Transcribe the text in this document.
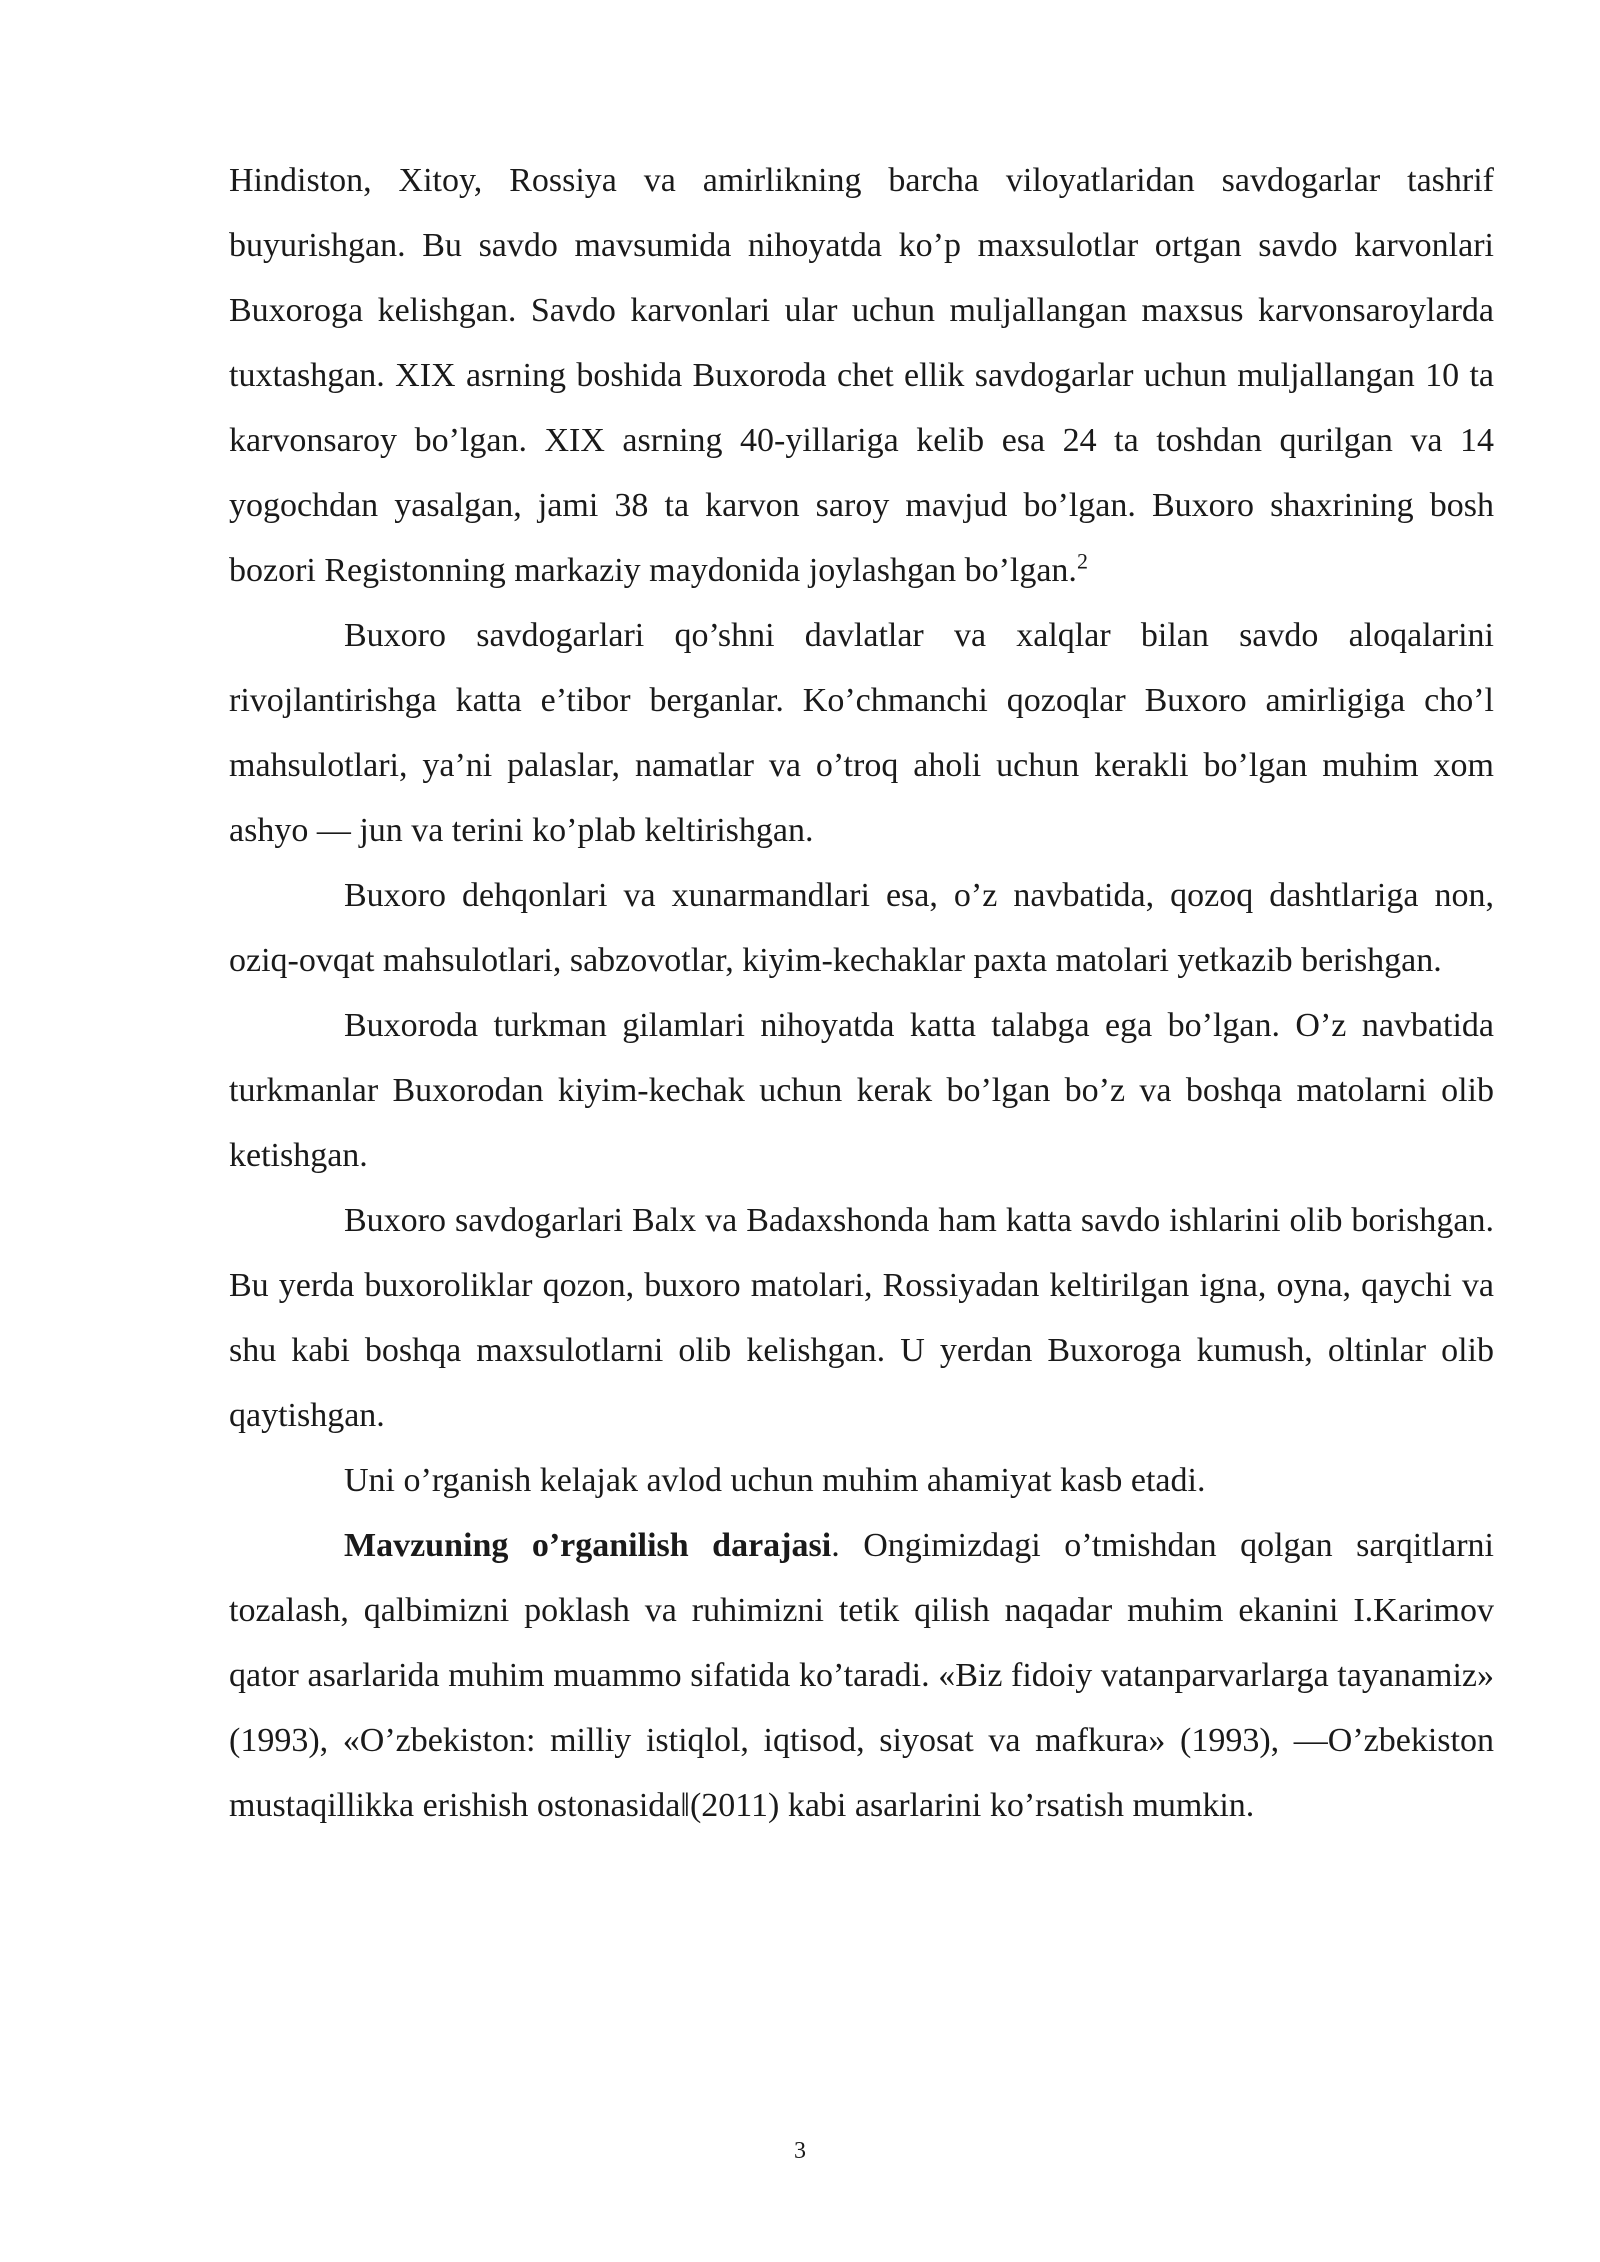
Hindiston, Xitoy, Rossiya va amirlikning barcha viloyatlaridan savdogarlar tashrif buyurishgan. Bu savdo mavsumida nihoyatda ko’p maxsulotlar ortgan savdo karvonlari Buxoroga kelishgan. Savdo karvonlari ular uchun muljallangan maxsus karvonsaroylarda tuxtashgan. XIX asrning boshida Buxoroda chet ellik savdogarlar uchun muljallangan 10 ta karvonsaroy bo’lgan. XIX asrning 40-yillariga kelib esa 24 ta toshdan qurilgan va 14 yogochdan yasalgan, jami 38 ta karvon saroy mavjud bo’lgan. Buxoro shaxrining bosh bozori Registonning markaziy maydonida joylashgan bo’lgan.$^2$

Buxoro savdogarlari qo’shni davlatlar va xalqlar bilan savdo aloqalarini rivojlantirishga katta e’tibor berganlar. Ko’chmanchi qozoqlar Buxoro amirligiga cho’l mahsulotlari, ya’ni palaslar, namatlar va o’troq aholi uchun kerakli bo’lgan muhim xom ashyo — jun va terini ko’plab keltirishgan.

Buxoro dehqonlari va xunarmandlari esa, o’z navbatida, qozoq dashtlariga non, oziq-ovqat mahsulotlari, sabzovotlar, kiyim-kechaklar paxta matolari yetkazib berishgan.

Buxoroda turkman gilamlari nihoyatda katta talabga ega bo’lgan. O’z navbatida turkmanlar Buxorodan kiyim-kechak uchun kerak bo’lgan bo’z va boshqa matolarni olib ketishgan.

Buxoro savdogarlari Balx va Badaxshonda ham katta savdo ishlarini olib borishgan. Bu yerda buxoroliklar qozon, buxoro matolari, Rossiyadan keltirilgan igna, oyna, qaychi va shu kabi boshqa maxsulotlarni olib kelishgan. U yerdan Buxoroga kumush, oltinlar olib qaytishgan.

Uni o’rganish kelajak avlod uchun muhim ahamiyat kasb etadi.

Mavzuning o’rganilish darajasi. Ongimizdagi o’tmishdan qolgan sarqitlarni tozalash, qalbimizni poklash va ruhimizni tetik qilish naqadar muhim ekanini I.Karimov qator asarlarida muhim muammo sifatida ko’taradi. «Biz fidoiy vatanparvarlarga tayanamiz» (1993), «O’zbekiston: milliy istiqlol, iqtisod, siyosat va mafkura» (1993), —O’zbekiston mustaqillikka erishish ostonasida‖(2011) kabi asarlarini ko’rsatish mumkin.

3
